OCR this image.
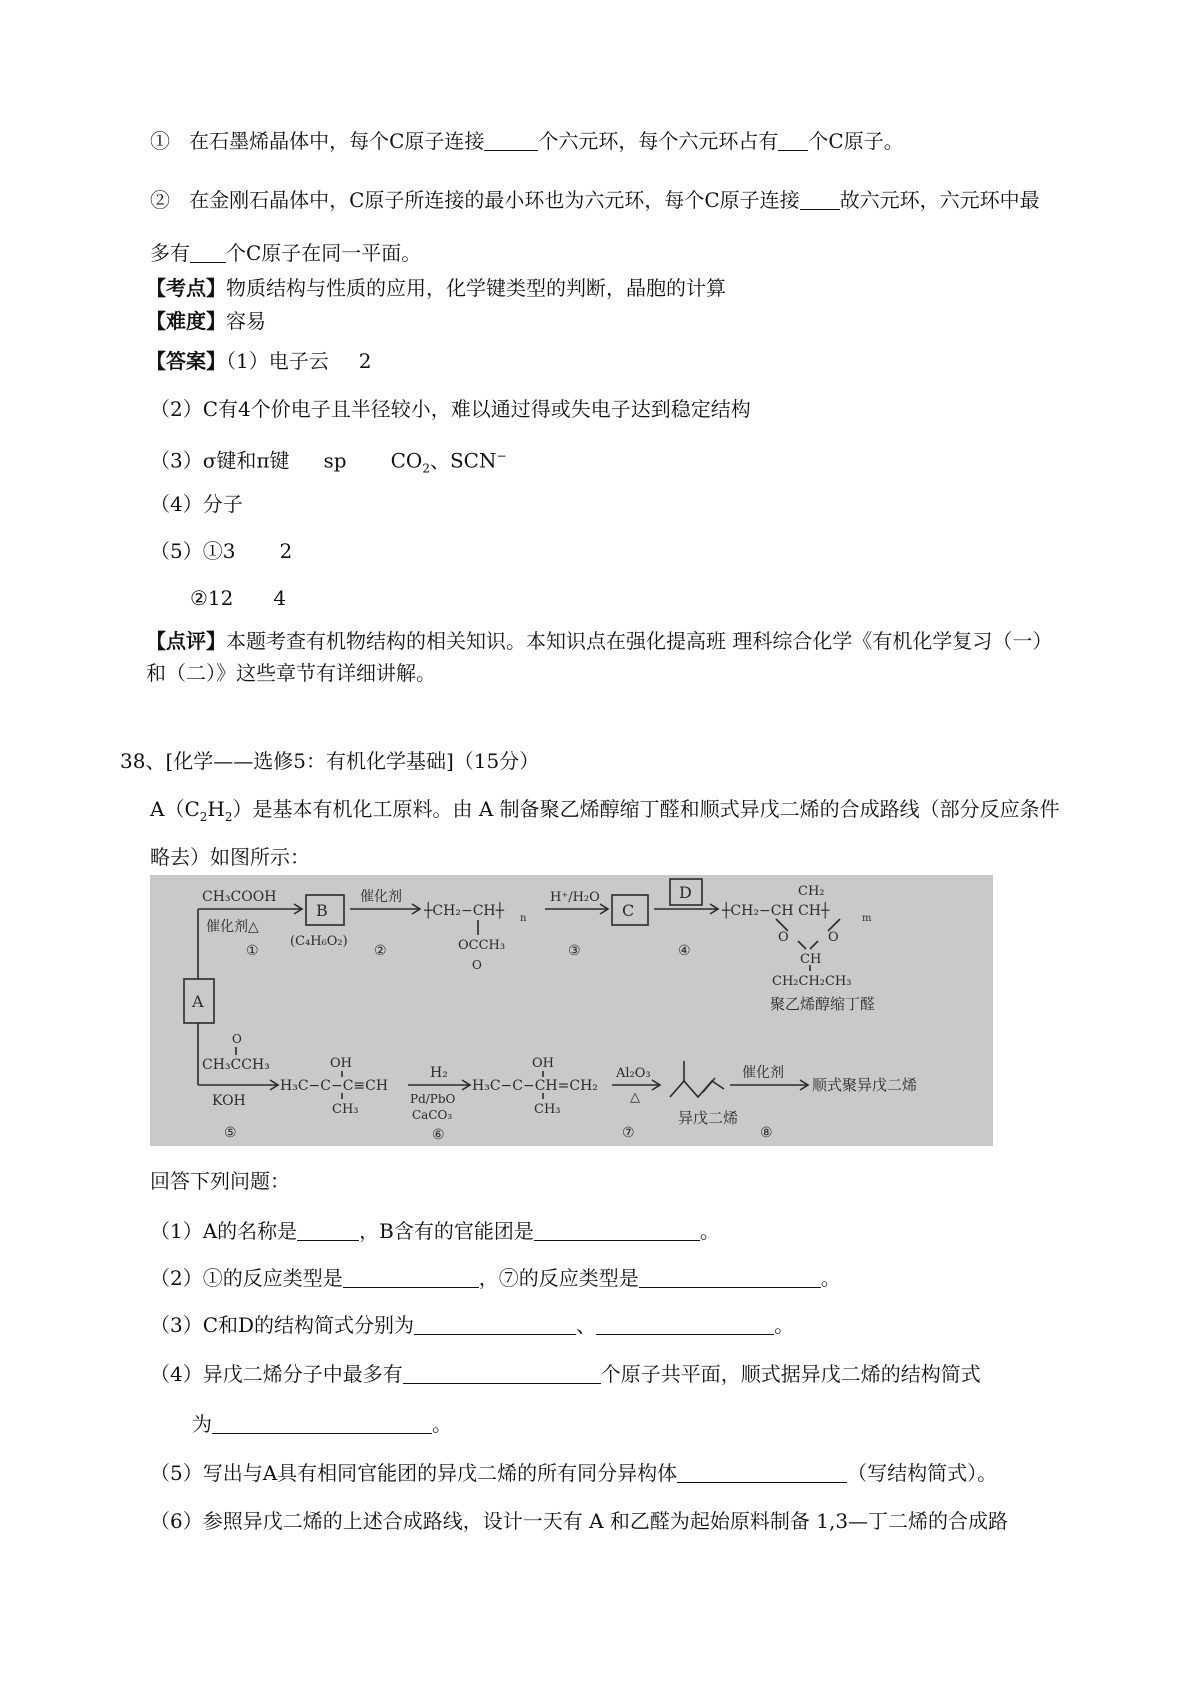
① 在石墨烯晶体中，每个C原子连接	个六元环，每个六元环占有 个C原子。
② 在金刚石晶体中，C原子所连接的最小环也为六元环，每个C原子连接 故六元环，六元环中最
多有 个C原子在同一平面。
【考点】物质结构与性质的应用，化学键类型的判断，晶胞的计算
【难度】容易
【答案】（1）电子云 2
（2）C有4个价电子且半径较小，难以通过得或失电子达到稳定结构
（3）σ键和π键 sp $CO_2$、SCN−
（4）分子
（5）①3 2
②12 4
【点评】本题考查有机物结构的相关知识。本知识点在强化提高班 理科综合化学《有机化学复习（一）
和（二）》这些章节有详细讲解。
38、[化学——选修5：有机化学基础]（15分）
$A(C_2H_2)$是基本有机化工原料。由 A 制备聚乙烯醇缩丁醛和顺式异戊二烯的合成路线（部分反应条件
略去）如图所示：
CH₃COOH
催化剂△
①
B
(C₄H₆O₂)
催化剂
②
┼CH₂−CH┼ n
OCCH₃
O
H⁺/H₂O
③
C
D
④
┼CH₂−CH CH┼	m
CH₂
O	O
CH
CH₂CH₂CH₃
聚乙烯醇缩丁醛
A
O
CH₃CCH₃
KOH
⑤
OH
H₃C−C−C≡CH
CH₃
H₂
Pd/PbO
CaCO₃
⑥
OH
H₃C−C−CH=CH₂
CH₃
Al₂O₃
△
⑦
异戊二烯
催化剂
⑧
顺式聚异戊二烯
回答下列问题：
（1）A的名称是	，B含有的官能团是	。
（2）①的反应类型是	，⑦的反应类型是	。
（3）C和D的结构简式分别为	、	。
（4）异戊二烯分子中最多有	个原子共平面，顺式据异戊二烯的结构简式
为	。
（5）写出与A具有相同官能团的异戊二烯的所有同分异构体	（写结构简式）。
（6）参照异戊二烯的上述合成路线，设计一天有 A 和乙醛为起始原料制备 1,3—丁二烯的合成路
